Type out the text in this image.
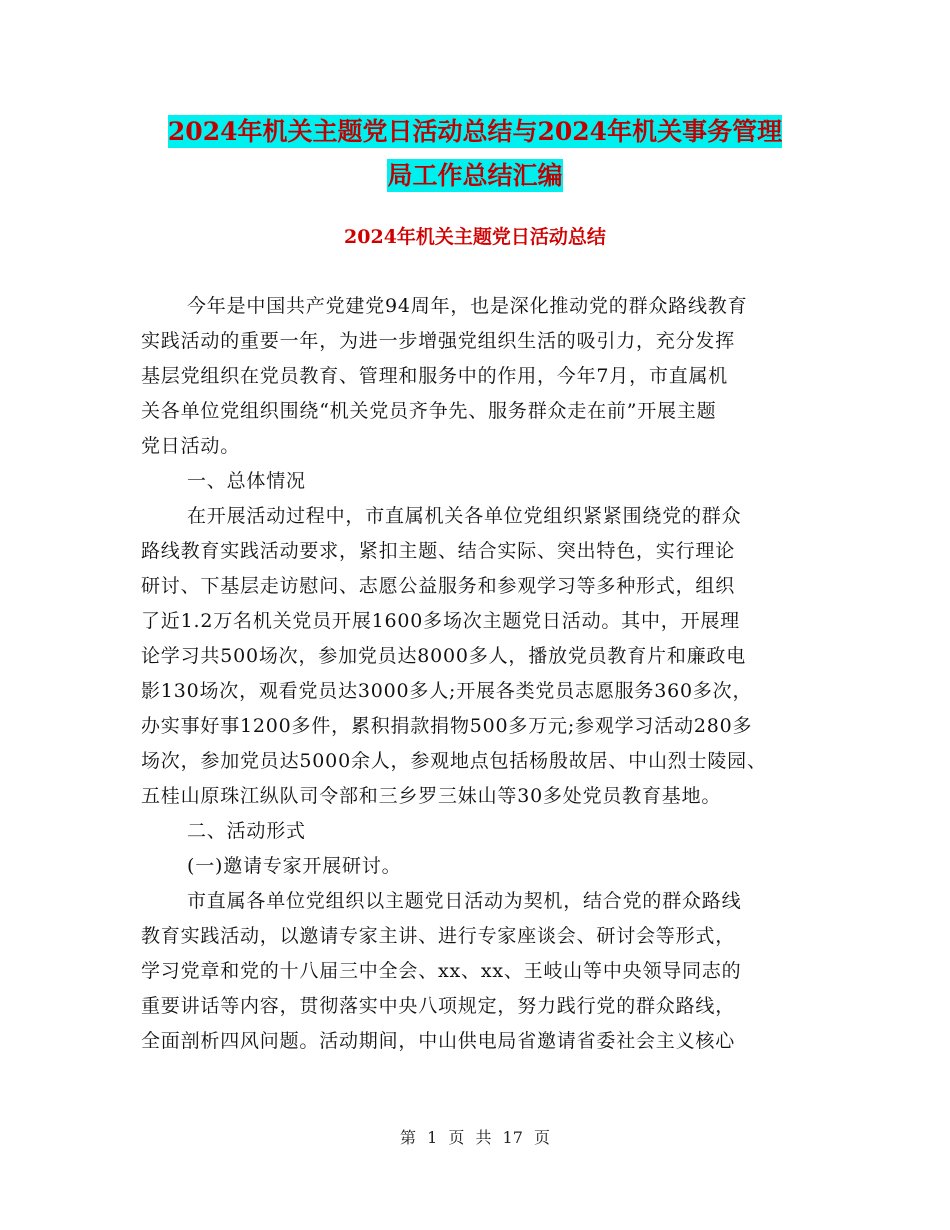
2024年机关主题党日活动总结与2024年机关事务管理
局工作总结汇编
2024年机关主题党日活动总结
今年是中国共产党建党94周年，也是深化推动党的群众路线教育
实践活动的重要一年，为进一步增强党组织生活的吸引力，充分发挥
基层党组织在党员教育、管理和服务中的作用，今年7月，市直属机
关各单位党组织围绕“机关党员齐争先、服务群众走在前”开展主题
党日活动。
一、总体情况
在开展活动过程中，市直属机关各单位党组织紧紧围绕党的群众
路线教育实践活动要求，紧扣主题、结合实际、突出特色，实行理论
研讨、下基层走访慰问、志愿公益服务和参观学习等多种形式，组织
了近1.2万名机关党员开展1600多场次主题党日活动。其中，开展理
论学习共500场次，参加党员达8000多人，播放党员教育片和廉政电
影130场次，观看党员达3000多人;开展各类党员志愿服务360多次，
办实事好事1200多件，累积捐款捐物500多万元;参观学习活动280多
场次，参加党员达5000余人，参观地点包括杨殷故居、中山烈士陵园、
五桂山原珠江纵队司令部和三乡罗三妹山等30多处党员教育基地。
二、活动形式
(一)邀请专家开展研讨。
市直属各单位党组织以主题党日活动为契机，结合党的群众路线
教育实践活动，以邀请专家主讲、进行专家座谈会、研讨会等形式，
学习党章和党的十八届三中全会、xx、xx、王岐山等中央领导同志的
重要讲话等内容，贯彻落实中央八项规定，努力践行党的群众路线，
全面剖析四风问题。活动期间，中山供电局省邀请省委社会主义核心
第 1 页 共 17 页
